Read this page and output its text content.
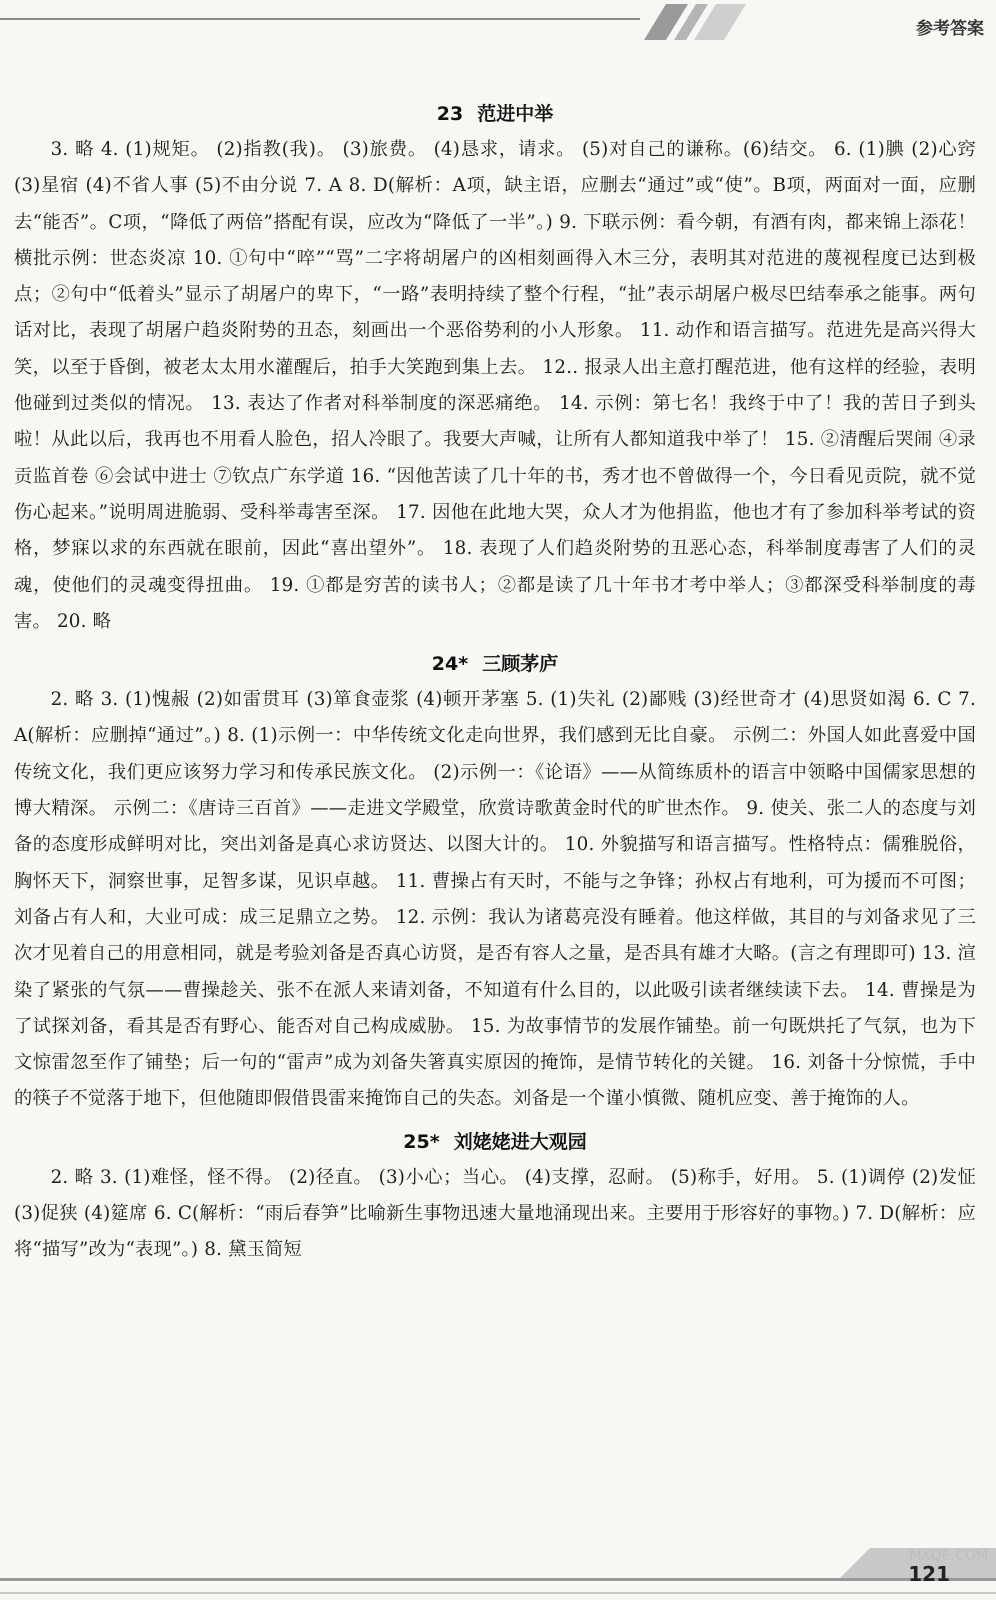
参考答案
23 范进中举

3. 略 4. (1)规矩。 (2)指教(我)。 (3)旅费。 (4)恳求，请求。 (5)对自己的谦称。(6)结交。 6. (1)腆 (2)心窍 (3)星宿 (4)不省人事 (5)不由分说 7. A 8. D(解析：A项，缺主语，应删去“通过”或“使”。B项，两面对一面，应删去“能否”。C项，“降低了两倍”搭配有误，应改为“降低了一半”。) 9. 下联示例：看今朝，有酒有肉，都来锦上添花！ 横批示例：世态炎凉 10. ①句中“啐”“骂”二字将胡屠户的凶相刻画得入木三分，表明其对范进的蔑视程度已达到极点；②句中“低着头”显示了胡屠户的卑下，“一路”表明持续了整个行程，“扯”表示胡屠户极尽巴结奉承之能事。两句话对比，表现了胡屠户趋炎附势的丑态，刻画出一个恶俗势利的小人形象。 11. 动作和语言描写。范进先是高兴得大笑，以至于昏倒，被老太太用水灌醒后，拍手大笑跑到集上去。 12.. 报录人出主意打醒范进，他有这样的经验，表明他碰到过类似的情况。 13. 表达了作者对科举制度的深恶痛绝。 14. 示例：第七名！我终于中了！我的苦日子到头啦！从此以后，我再也不用看人脸色，招人冷眼了。我要大声喊，让所有人都知道我中举了！ 15. ②清醒后哭闹 ④录贡监首卷 ⑥会试中进士 ⑦钦点广东学道 16. “因他苦读了几十年的书，秀才也不曾做得一个，今日看见贡院，就不觉伤心起来。”说明周进脆弱、受科举毒害至深。 17. 因他在此地大哭，众人才为他捐监，他也才有了参加科举考试的资格，梦寐以求的东西就在眼前，因此“喜出望外”。 18. 表现了人们趋炎附势的丑恶心态，科举制度毒害了人们的灵魂，使他们的灵魂变得扭曲。 19. ①都是穷苦的读书人；②都是读了几十年书才考中举人；③都深受科举制度的毒害。 20. 略

24* 三顾茅庐

2. 略 3. (1)愧赧 (2)如雷贯耳 (3)箪食壶浆 (4)顿开茅塞 5. (1)失礼 (2)鄙贱 (3)经世奇才 (4)思贤如渴 6. C 7. A(解析：应删掉“通过”。) 8. (1)示例一：中华传统文化走向世界，我们感到无比自豪。 示例二：外国人如此喜爱中国传统文化，我们更应该努力学习和传承民族文化。 (2)示例一：《论语》——从简练质朴的语言中领略中国儒家思想的博大精深。 示例二：《唐诗三百首》——走进文学殿堂，欣赏诗歌黄金时代的旷世杰作。 9. 使关、张二人的态度与刘备的态度形成鲜明对比，突出刘备是真心求访贤达、以图大计的。 10. 外貌描写和语言描写。性格特点：儒雅脱俗，胸怀天下，洞察世事，足智多谋，见识卓越。 11. 曹操占有天时，不能与之争锋；孙权占有地利，可为援而不可图；刘备占有人和，大业可成：成三足鼎立之势。 12. 示例：我认为诸葛亮没有睡着。他这样做，其目的与刘备求见了三次才见着自己的用意相同，就是考验刘备是否真心访贤，是否有容人之量，是否具有雄才大略。(言之有理即可) 13. 渲染了紧张的气氛——曹操趁关、张不在派人来请刘备，不知道有什么目的，以此吸引读者继续读下去。 14. 曹操是为了试探刘备，看其是否有野心、能否对自己构成威胁。 15. 为故事情节的发展作铺垫。前一句既烘托了气氛，也为下文惊雷忽至作了铺垫；后一句的“雷声”成为刘备失箸真实原因的掩饰，是情节转化的关键。 16. 刘备十分惊慌，手中的筷子不觉落于地下，但他随即假借畏雷来掩饰自己的失态。刘备是一个谨小慎微、随机应变、善于掩饰的人。

25* 刘姥姥进大观园

2. 略 3. (1)难怪，怪不得。 (2)径直。 (3)小心；当心。 (4)支撑，忍耐。 (5)称手，好用。 5. (1)调停 (2)发怔 (3)促狭 (4)筵席 6. C(解析：“雨后春笋”比喻新生事物迅速大量地涌现出来。主要用于形容好的事物。) 7. D(解析：应将“描写”改为“表现”。) 8. 黛玉简短

121
MXQE.COM
